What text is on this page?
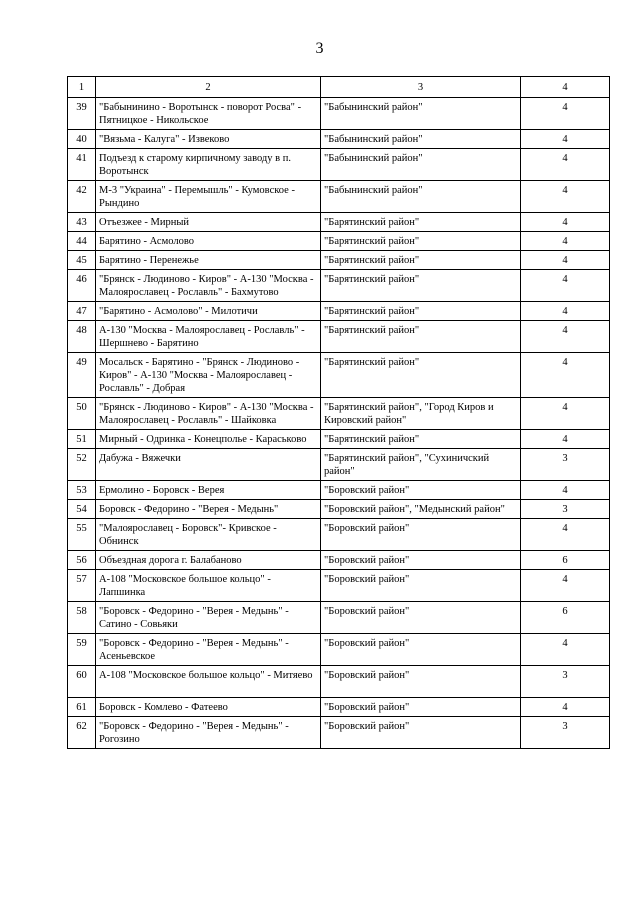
3
1	2	3	4
39	"Бабынинино - Воротынск - поворот Росва" - Пятницкое - Никольское	"Бабынинский район"	4
40	"Вязьма - Калуга" - Извеково	"Бабынинский район"	4
41	Подъезд к старому кирпичному заводу в п. Воротынск	"Бабынинский район"	4
42	М-3 "Украина" - Перемышль" - Кумовское - Рындино	"Бабынинский район"	4
43	Отъезжее - Мирный	"Барятинский район"	4
44	Барятино - Асмолово	"Барятинский район"	4
45	Барятино - Перенежье	"Барятинский район"	4
46	"Брянск - Людиново - Киров" - А-130 "Москва - Малоярославец - Рославль" - Бахмутово	"Барятинский район"	4
47	"Барятино - Асмолово" - Милотичи	"Барятинский район"	4
48	А-130 "Москва - Малоярославец - Рославль" - Шершнево - Барятино	"Барятинский район"	4
49	Мосальск - Барятино - "Брянск - Людиново - Киров" - А-130 "Москва - Малоярославец - Рославль" - Добрая	"Барятинский район"	4
50	"Брянск - Людиново - Киров" - А-130 "Москва - Малоярославец - Рославль" - Шайковка	"Барятинский район", "Город Киров и Кировский район"	4
51	Мирный - Одринка - Конецполье - Караськово	"Барятинский район"	4
52	Дабужа - Вяжечки	"Барятинский район", "Сухиничский район"	3
53	Ермолино - Боровск - Верея	"Боровский район"	4
54	Боровск - Федорино - "Верея - Медынь"	"Боровский район", "Медынский район"	3
55	"Малоярославец - Боровск"- Кривское - Обнинск	"Боровский район"	4
56	Объездная дорога г. Балабаново	"Боровский район"	6
57	А-108 "Московское большое кольцо" - Лапшинка	"Боровский район"	4
58	"Боровск - Федорино - "Верея - Медынь" - Сатино - Совьяки	"Боровский район"	6
59	"Боровск - Федорино - "Верея - Медынь" - Асеньевское	"Боровский район"	4
60	А-108 "Московское большое кольцо" - Митяево	"Боровский район"	3
61	Боровск - Комлево - Фатеево	"Боровский район"	4
62	"Боровск - Федорино - "Верея - Медынь" - Рогозино	"Боровский район"	3
